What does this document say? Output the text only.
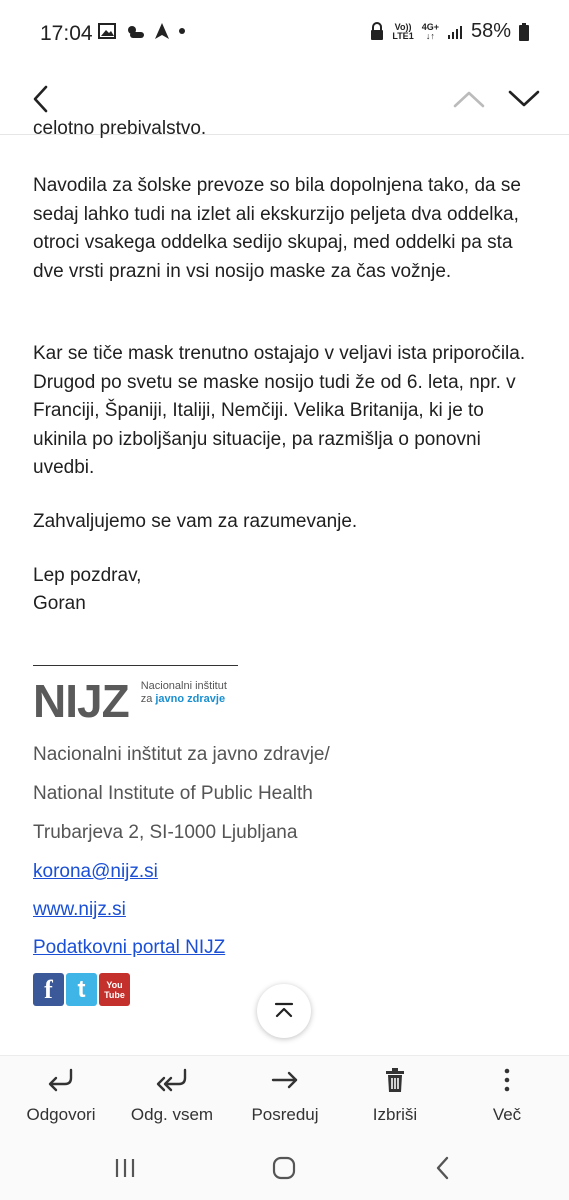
17:04	Vo))
LTE1
4G+
↓↑ 58%
celotno prebivalstvo.

Navodila za šolske prevoze so bila dopolnjena tako, da se sedaj lahko tudi na izlet ali ekskurzijo peljeta dva oddelka, otroci vsakega oddelka sedijo skupaj, med oddelki pa sta dve vrsti prazni in vsi nosijo maske za čas vožnje.

Kar se tiče mask trenutno ostajajo v veljavi ista priporočila. Drugod po svetu se maske nosijo tudi že od 6. leta, npr. v Franciji, Španiji, Italiji, Nemčiji. Velika Britanija, ki je to ukinila po izboljšanju situacije, pa razmišlja o ponovni uvedbi.

Zahvaljujemo se vam za razumevanje.

Lep pozdrav,

Goran

NIJZ Nacionalni inštitut
za javno zdravje
Nacionalni inštitut za javno zdravje/
National Institute of Public Health
Trubarjeva 2, SI-1000 Ljubljana
korona@nijz.si
www.nijz.si
Podatkovni portal NIJZ
f	t	You
Tube
Odgovori	Odg. vsem	Posreduj	Izbriši	Več
